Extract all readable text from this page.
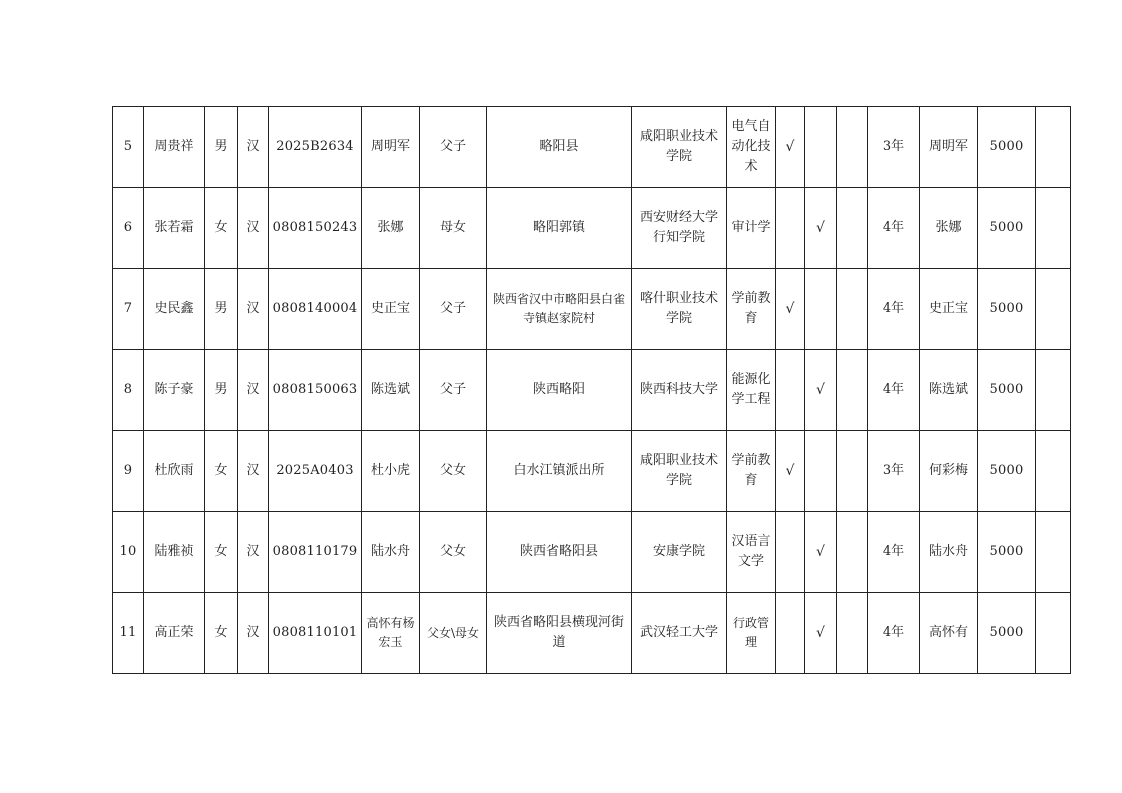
5	周贵祥	男	汉	2025B2634	周明军	父子	略阳县	咸阳职业技术学院	电气自动化技术	√			3年	周明军	5000	
6	张若霜	女	汉	0808150243	张娜	母女	略阳郭镇	西安财经大学行知学院	审计学		√		4年	张娜	5000	
7	史民鑫	男	汉	0808140004	史正宝	父子	陕西省汉中市略阳县白雀寺镇赵家院村	喀什职业技术学院	学前教育	√			4年	史正宝	5000	
8	陈子豪	男	汉	0808150063	陈选斌	父子	陕西略阳	陕西科技大学	能源化学工程		√		4年	陈选斌	5000	
9	杜欣雨	女	汉	2025A0403	杜小虎	父女	白水江镇派出所	咸阳职业技术学院	学前教育	√			3年	何彩梅	5000	
10	陆雅祯	女	汉	0808110179	陆水舟	父女	陕西省略阳县	安康学院	汉语言文学		√		4年	陆水舟	5000	
11	高正荣	女	汉	0808110101	高怀有杨宏玉	父女\母女	陕西省略阳县横现河街道	武汉轻工大学	行政管理		√		4年	高怀有	5000	
